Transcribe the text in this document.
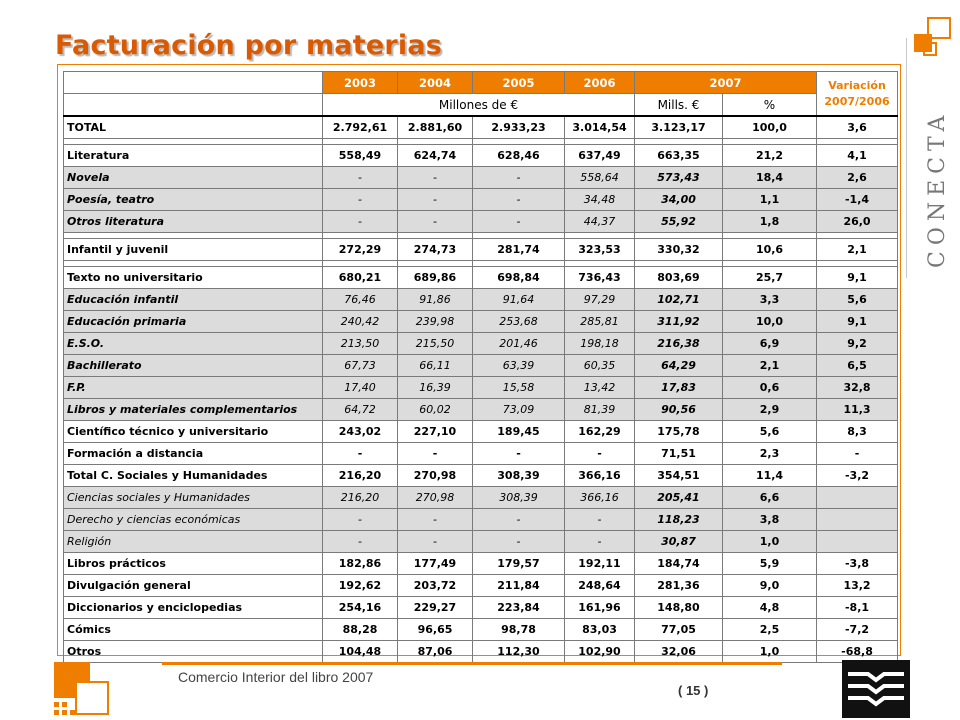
Facturación por materias
	2003	2004	2005	2006	2007		Variación
2007/2006

	Millones de €				Mills. €	%	
TOTAL	2.792,61	2.881,60	2.933,23	3.014,54	3.123,17	100,0	3,6

Literatura	558,49	624,74	628,46	637,49	663,35	21,2	4,1
Novela	-	-	-	558,64	573,43	18,4	2,6
Poesía, teatro	-	-	-	34,48	34,00	1,1	-1,4
Otros literatura	-	-	-	44,37	55,92	1,8	26,0

Infantil y juvenil	272,29	274,73	281,74	323,53	330,32	10,6	2,1

Texto no universitario	680,21	689,86	698,84	736,43	803,69	25,7	9,1
Educación infantil	76,46	91,86	91,64	97,29	102,71	3,3	5,6
Educación primaria	240,42	239,98	253,68	285,81	311,92	10,0	9,1
E.S.O.	213,50	215,50	201,46	198,18	216,38	6,9	9,2
Bachillerato	67,73	66,11	63,39	60,35	64,29	2,1	6,5
F.P.	17,40	16,39	15,58	13,42	17,83	0,6	32,8
Libros y materiales complementarios	64,72	60,02	73,09	81,39	90,56	2,9	11,3
Científico técnico y universitario	243,02	227,10	189,45	162,29	175,78	5,6	8,3
Formación a distancia	-	-	-	-	71,51	2,3	-
Total C. Sociales y Humanidades	216,20	270,98	308,39	366,16	354,51	11,4	-3,2
Ciencias sociales y Humanidades	216,20	270,98	308,39	366,16	205,41	6,6	
Derecho y ciencias económicas	-	-	-	-	118,23	3,8	
Religión	-	-	-	-	30,87	1,0	
Libros prácticos	182,86	177,49	179,57	192,11	184,74	5,9	-3,8
Divulgación general	192,62	203,72	211,84	248,64	281,36	9,0	13,2
Diccionarios y enciclopedias	254,16	229,27	223,84	161,96	148,80	4,8	-8,1
Cómics	88,28	96,65	98,78	83,03	77,05	2,5	-7,2
Otros	104,48	87,06	112,30	102,90	32,06	1,0	-68,8
CONECTA
Comercio Interior del libro 2007
( 15 )
